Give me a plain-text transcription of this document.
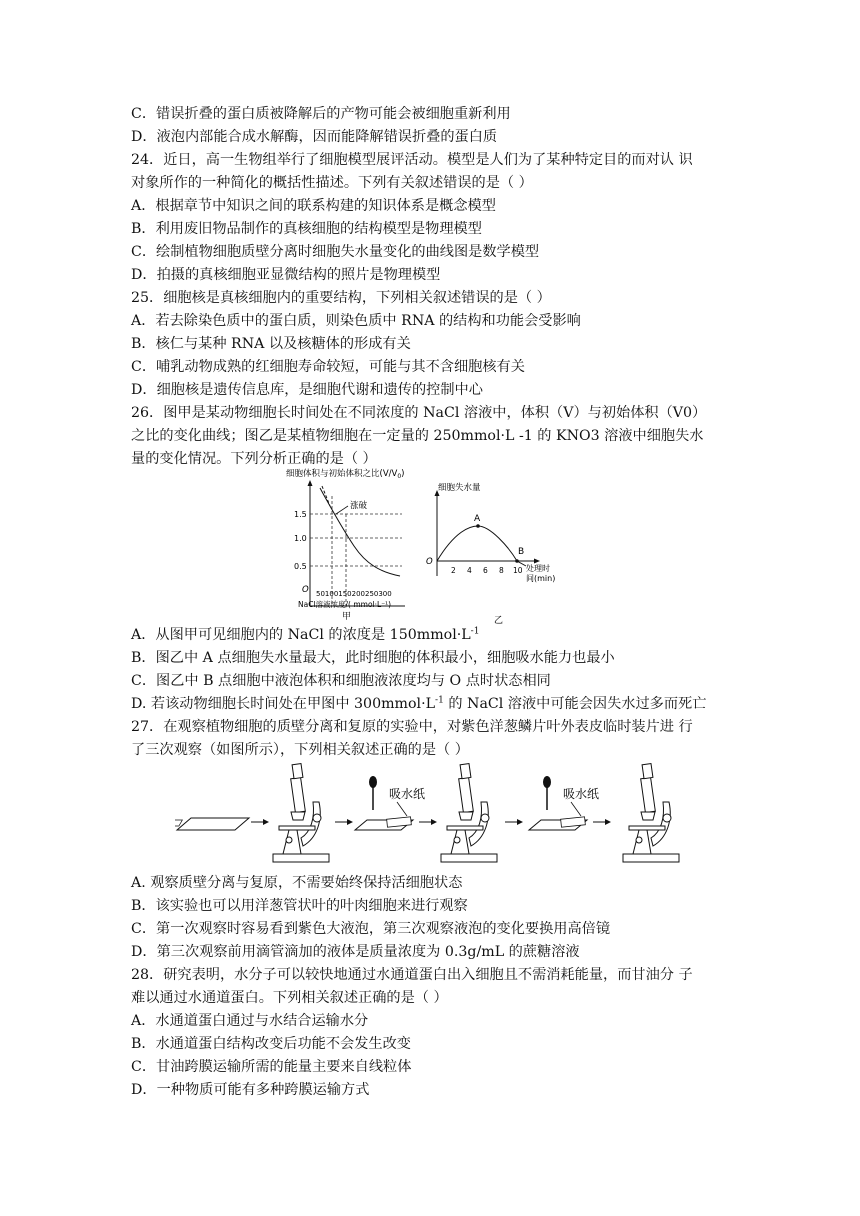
C．错误折叠的蛋白质被降解后的产物可能会被细胞重新利用
D．液泡内部能合成水解酶，因而能降解错误折叠的蛋白质
24．近日，高一生物组举行了细胞模型展评活动。模型是人们为了某种特定目的而对认 识
对象所作的一种简化的概括性描述。下列有关叙述错误的是（ ）
A．根据章节中知识之间的联系构建的知识体系是概念模型
B．利用废旧物品制作的真核细胞的结构模型是物理模型
C．绘制植物细胞质壁分离时细胞失水量变化的曲线图是数学模型
D．拍摄的真核细胞亚显微结构的照片是物理模型
25．细胞核是真核细胞内的重要结构，下列相关叙述错误的是（ ）
A．若去除染色质中的蛋白质，则染色质中 RNA 的结构和功能会受影响
B．核仁与某种 RNA 以及核糖体的形成有关
C．哺乳动物成熟的红细胞寿命较短，可能与其不含细胞核有关
D．细胞核是遗传信息库，是细胞代谢和遗传的控制中心
26．图甲是某动物细胞长时间处在不同浓度的 NaCl 溶液中，体积（V）与初始体积（V0）
之比的变化曲线；图乙是某植物细胞在一定量的 250mmol·L -1 的 KNO3 溶液中细胞失水
量的变化情况。下列分析正确的是（ ）
细胞体积与初始体积之比$(V/V_0)$
1.5
1.0
0.5
O 50100150200250300
NaCl溶液浓度/( mmol·L⁻¹)
甲
涨破
细胞失水量
O
2 4 6 8 10 处理时
间(min)
乙
A
B
A．从图甲可见细胞内的 NaCl 的浓度是 $150mmol\cdot L^{-1}$
B．图乙中 A 点细胞失水量最大，此时细胞的体积最小，细胞吸水能力也最小
C．图乙中 B 点细胞中液泡体积和细胞液浓度均与 O 点时状态相同
D. 若该动物细胞长时间处在甲图中 $300mmol\cdot L^{-1}$ 的 NaCl 溶液中可能会因失水过多而死亡
27．在观察植物细胞的质壁分离和复原的实验中，对紫色洋葱鳞片叶外表皮临时装片进 行
了三次观察（如图所示），下列相关叙述正确的是（ ）
吸水纸	吸水纸
A. 观察质壁分离与复原，不需要始终保持活细胞状态
B．该实验也可以用洋葱管状叶的叶肉细胞来进行观察
C．第一次观察时容易看到紫色大液泡，第三次观察液泡的变化要换用高倍镜
D．第三次观察前用滴管滴加的液体是质量浓度为 0.3g/mL 的蔗糖溶液
28．研究表明，水分子可以较快地通过水通道蛋白出入细胞且不需消耗能量，而甘油分 子
难以通过水通道蛋白。下列相关叙述正确的是（ ）
A．水通道蛋白通过与水结合运输水分
B．水通道蛋白结构改变后功能不会发生改变
C．甘油跨膜运输所需的能量主要来自线粒体
D．一种物质可能有多种跨膜运输方式
